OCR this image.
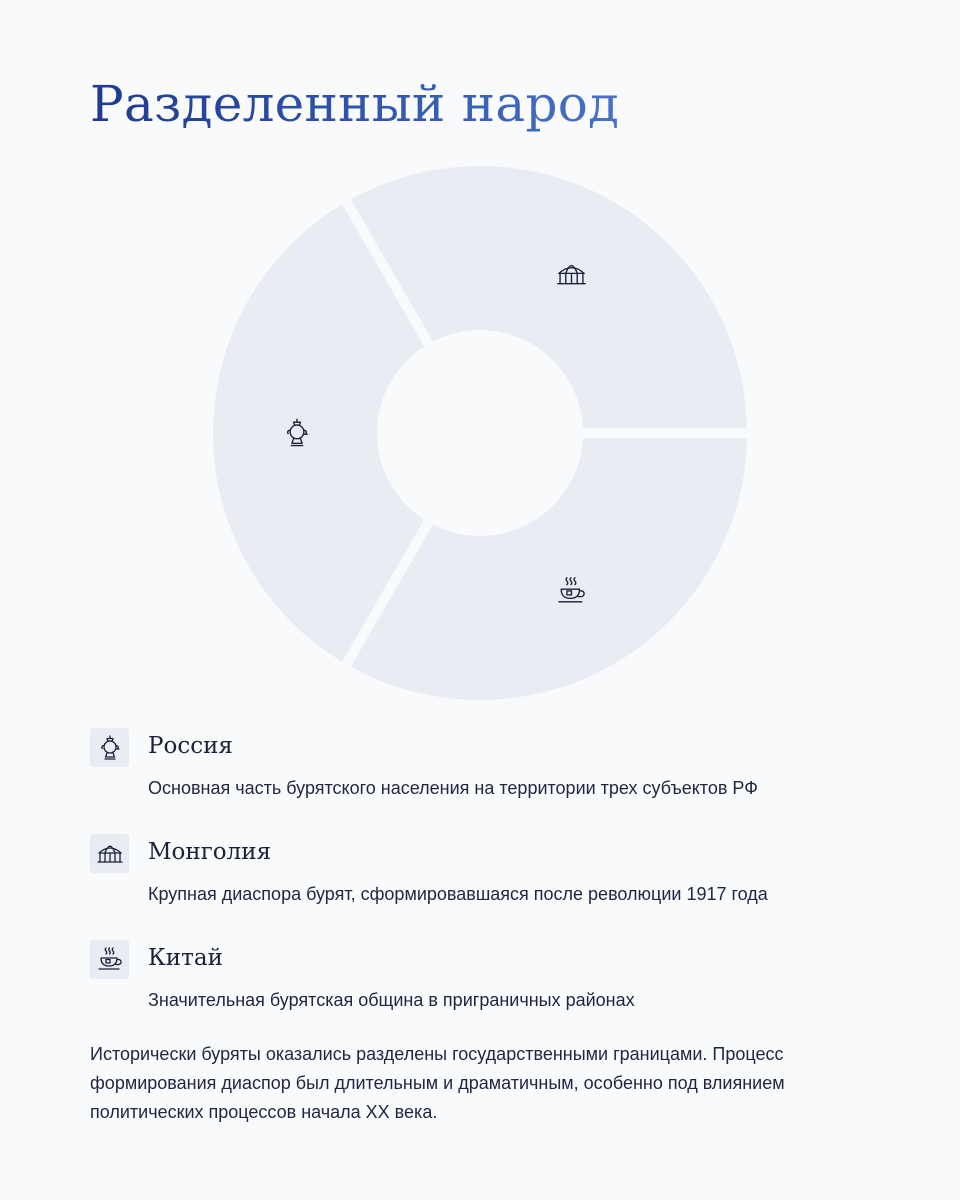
Разделенный народ
Россия
Основная часть бурятского населения на территории трех субъектов РФ
Монголия
Крупная диаспора бурят, сформировавшаяся после революции 1917 года
Китай
Значительная бурятская община в приграничных районах

Исторически буряты оказались разделены государственными границами. Процесс формирования диаспор был длительным и драматичным, особенно под влиянием политических процессов начала XX века.
